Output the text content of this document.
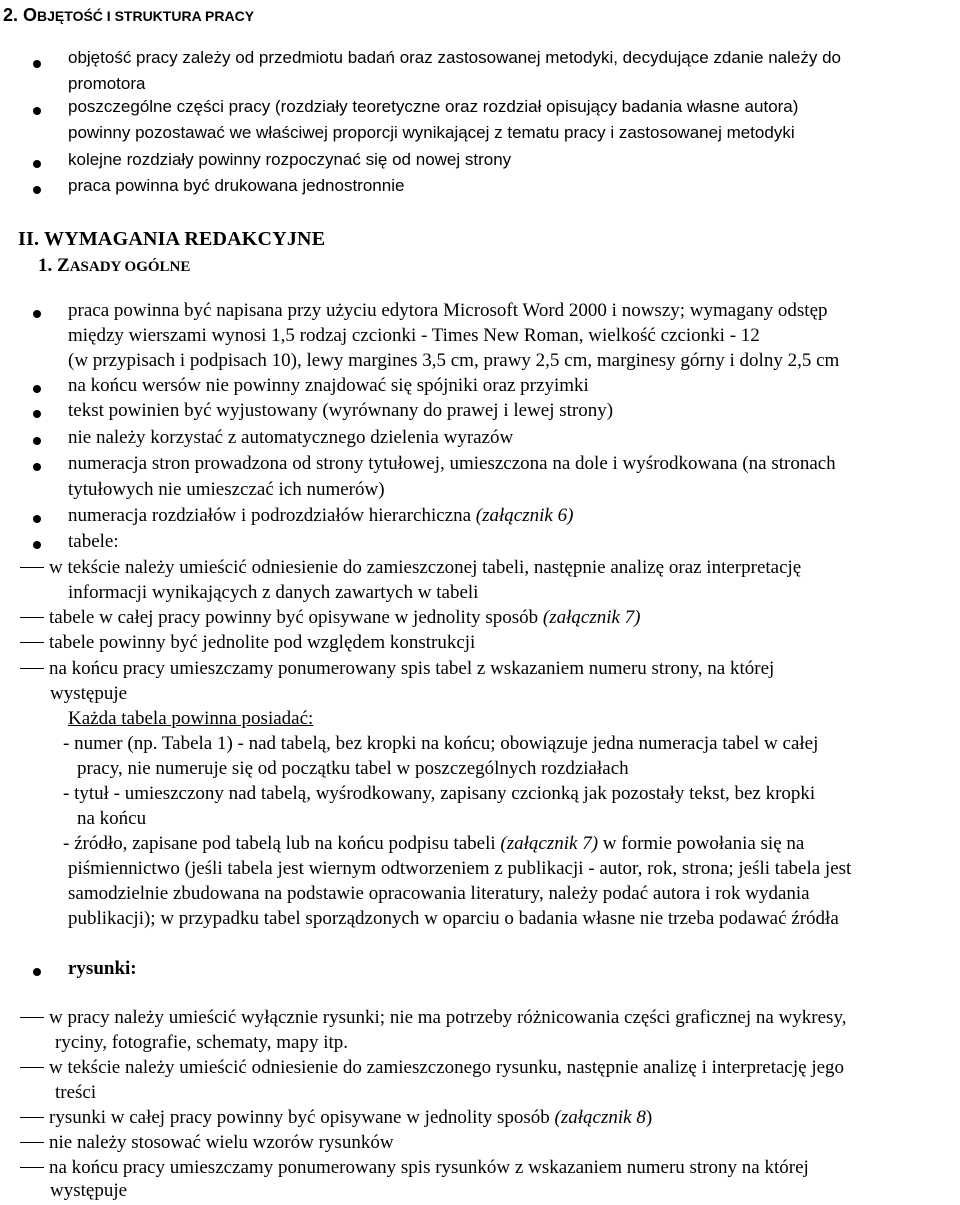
2. OBJĘTOŚĆ I STRUKTURA PRACY
objętość pracy zależy od przedmiotu badań oraz zastosowanej metodyki, decydujące zdanie należy do
promotora
poszczególne części pracy (rozdziały teoretyczne oraz rozdział opisujący badania własne autora)
powinny pozostawać we właściwej proporcji wynikającej z tematu pracy i zastosowanej metodyki
kolejne rozdziały powinny rozpoczynać się od nowej strony
praca powinna być drukowana jednostronnie
II. WYMAGANIA REDAKCYJNE
1. ZASADY OGÓLNE
praca powinna być napisana przy użyciu edytora Microsoft Word 2000 i nowszy; wymagany odstęp
między wierszami wynosi 1,5 rodzaj czcionki - Times New Roman, wielkość czcionki - 12
(w przypisach i podpisach 10), lewy margines 3,5 cm, prawy 2,5 cm, marginesy górny i dolny 2,5 cm
na końcu wersów nie powinny znajdować się spójniki oraz przyimki
tekst powinien być wyjustowany (wyrównany do prawej i lewej strony)
nie należy korzystać z automatycznego dzielenia wyrazów
numeracja stron prowadzona od strony tytułowej, umieszczona na dole i wyśrodkowana (na stronach
tytułowych nie umieszczać ich numerów)
numeracja rozdziałów i podrozdziałów hierarchiczna (załącznik 6)
tabele:
w tekście należy umieścić odniesienie do zamieszczonej tabeli, następnie analizę oraz interpretację
informacji wynikających z danych zawartych w tabeli
tabele w całej pracy powinny być opisywane w jednolity sposób (załącznik 7)
tabele powinny być jednolite pod względem konstrukcji
na końcu pracy umieszczamy ponumerowany spis tabel z wskazaniem numeru strony, na której
występuje
Każda tabela powinna posiadać:
- numer (np. Tabela 1) - nad tabelą, bez kropki na końcu; obowiązuje jedna numeracja tabel w całej
pracy, nie numeruje się od początku tabel w poszczególnych rozdziałach
- tytuł - umieszczony nad tabelą, wyśrodkowany, zapisany czcionką jak pozostały tekst, bez kropki
na końcu
- źródło, zapisane pod tabelą lub na końcu podpisu tabeli (załącznik 7) w formie powołania się na
piśmiennictwo (jeśli tabela jest wiernym odtworzeniem z publikacji - autor, rok, strona; jeśli tabela jest
samodzielnie zbudowana na podstawie opracowania literatury, należy podać autora i rok wydania
publikacji); w przypadku tabel sporządzonych w oparciu o badania własne nie trzeba podawać źródła
rysunki:
w pracy należy umieścić wyłącznie rysunki; nie ma potrzeby różnicowania części graficznej na wykresy,
ryciny, fotografie, schematy, mapy itp.
w tekście należy umieścić odniesienie do zamieszczonego rysunku, następnie analizę i interpretację jego
treści
rysunki w całej pracy powinny być opisywane w jednolity sposób (załącznik 8)
nie należy stosować wielu wzorów rysunków
na końcu pracy umieszczamy ponumerowany spis rysunków z wskazaniem numeru strony na której
występuje
